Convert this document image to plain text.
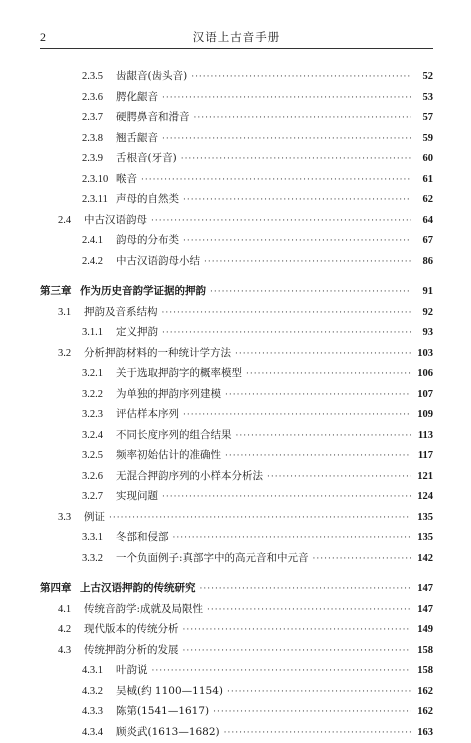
2	汉语上古音手册
2.3.5	齿龈音(齿头音) ·····	52
2.3.6	腭化龈音 ·····	53
2.3.7	硬腭鼻音和滑音 ·····	57
2.3.8	翘舌龈音 ·····	59
2.3.9	舌根音(牙音) ·····	60
2.3.10 喉音 ·····	61
2.3.11 声母的自然类 ·····	62
2.4	中古汉语韵母 ·····	64
2.4.1	韵母的分布类 ·····	67
2.4.2	中古汉语韵母小结 ·····	86
第三章 作为历史音韵学证据的押韵 ·····	91
3.1	押韵及音系结构 ·····	92
3.1.1	定义押韵 ·····	93
3.2	分析押韵材料的一种统计学方法 ·····	103
3.2.1	关于选取押韵字的概率模型 ·····	106
3.2.2	为单独的押韵序列建模 ·····	107
3.2.3	评估样本序列 ·····	109
3.2.4	不同长度序列的组合结果 ·····	113
3.2.5	频率初始估计的准确性 ·····	117
3.2.6	无混合押韵序列的小样本分析法 ·····	121
3.2.7	实现问题 ·····	124
3.3	例证 ·····	135
3.3.1	冬部和侵部 ·····	135
3.3.2	一个负面例子:真部字中的高元音和中元音 ·····	142
第四章 上古汉语押韵的传统研究 ·····	147
4.1	传统音韵学:成就及局限性 ·····	147
4.2	现代版本的传统分析 ·····	149
4.3	传统押韵分析的发展 ·····	158
4.3.1	叶韵说 ·····	158
4.3.2	吴棫(约 1100—1154) ·····	162
4.3.3	陈第(1541—1617) ·····	162
4.3.4	顾炎武(1613—1682) ·····	163
